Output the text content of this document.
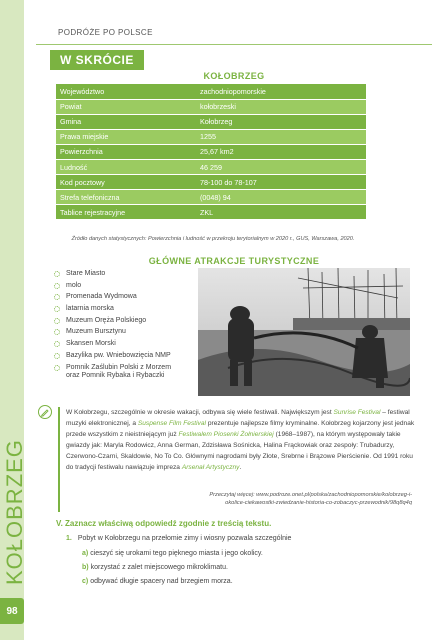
KOŁOBRZEG
98
PODRÓŻE PO POLSCE
W SKRÓCIE
KOŁOBRZEG
Województwo	zachodniopomorskie
Powiat	kołobrzeski
Gmina	Kołobrzeg
Prawa miejskie	1255
Powierzchnia	25,67 km2
Ludność	46 259
Kod pocztowy	78-100 do 78-107
Strefa telefoniczna	(0048) 94
Tablice rejestracyjne	ZKL
Źródło danych statystycznych: Powierzchnia i ludność w przekroju terytorialnym w 2020 r., GUS, Warszawa, 2020.
GŁÓWNE ATRAKCJE TURYSTYCZNE
Stare Miasto
molo
Promenada Wydmowa
latarnia morska
Muzeum Oręża Polskiego
Muzeum Bursztynu
Skansen Morski
Bazylika pw. Wniebowzięcia NMP
Pomnik Zaślubin Polski z Morzem
oraz Pomnik Rybaka i Rybaczki
W Kołobrzegu, szczególnie w okresie wakacji, odbywa się wiele festiwali. Największym jest Sunrise Festival – festiwal muzyki elektronicznej, a Suspense Film Festival prezentuje najlepsze filmy kryminalne. Kołobrzeg kojarzony jest jednak przede wszystkim z nieistniejącym już Festiwalem Piosenki Żołnierskiej (1968–1987), na którym występowały takie gwiazdy jak: Maryla Rodowicz, Anna German, Zdzisława Sośnicka, Halina Frąckowiak oraz zespoły: Trubadurzy, Czerwono-Czarni, Skaldowie, No To Co. Głównymi nagrodami były Złote, Srebrne i Brązowe Pierścienie. Od 1991 roku do tradycji festiwalu nawiązuje impreza Arsenał Artystyczny.
Przeczytaj więcej: www.podroze.onet.pl/polska/zachodniopomorskie/kolobrzeg-i-
okolice-ciekawostki-zwiedzanie-historia-co-zobaczyc-przewodnik/98q8q4q
V. Zaznacz właściwą odpowiedź zgodnie z treścią tekstu.
1. Pobyt w Kołobrzegu na przełomie zimy i wiosny pozwala szczególnie
a) cieszyć się urokami tego pięknego miasta i jego okolicy.
b) korzystać z zalet miejscowego mikroklimatu.
c) odbywać długie spacery nad brzegiem morza.
